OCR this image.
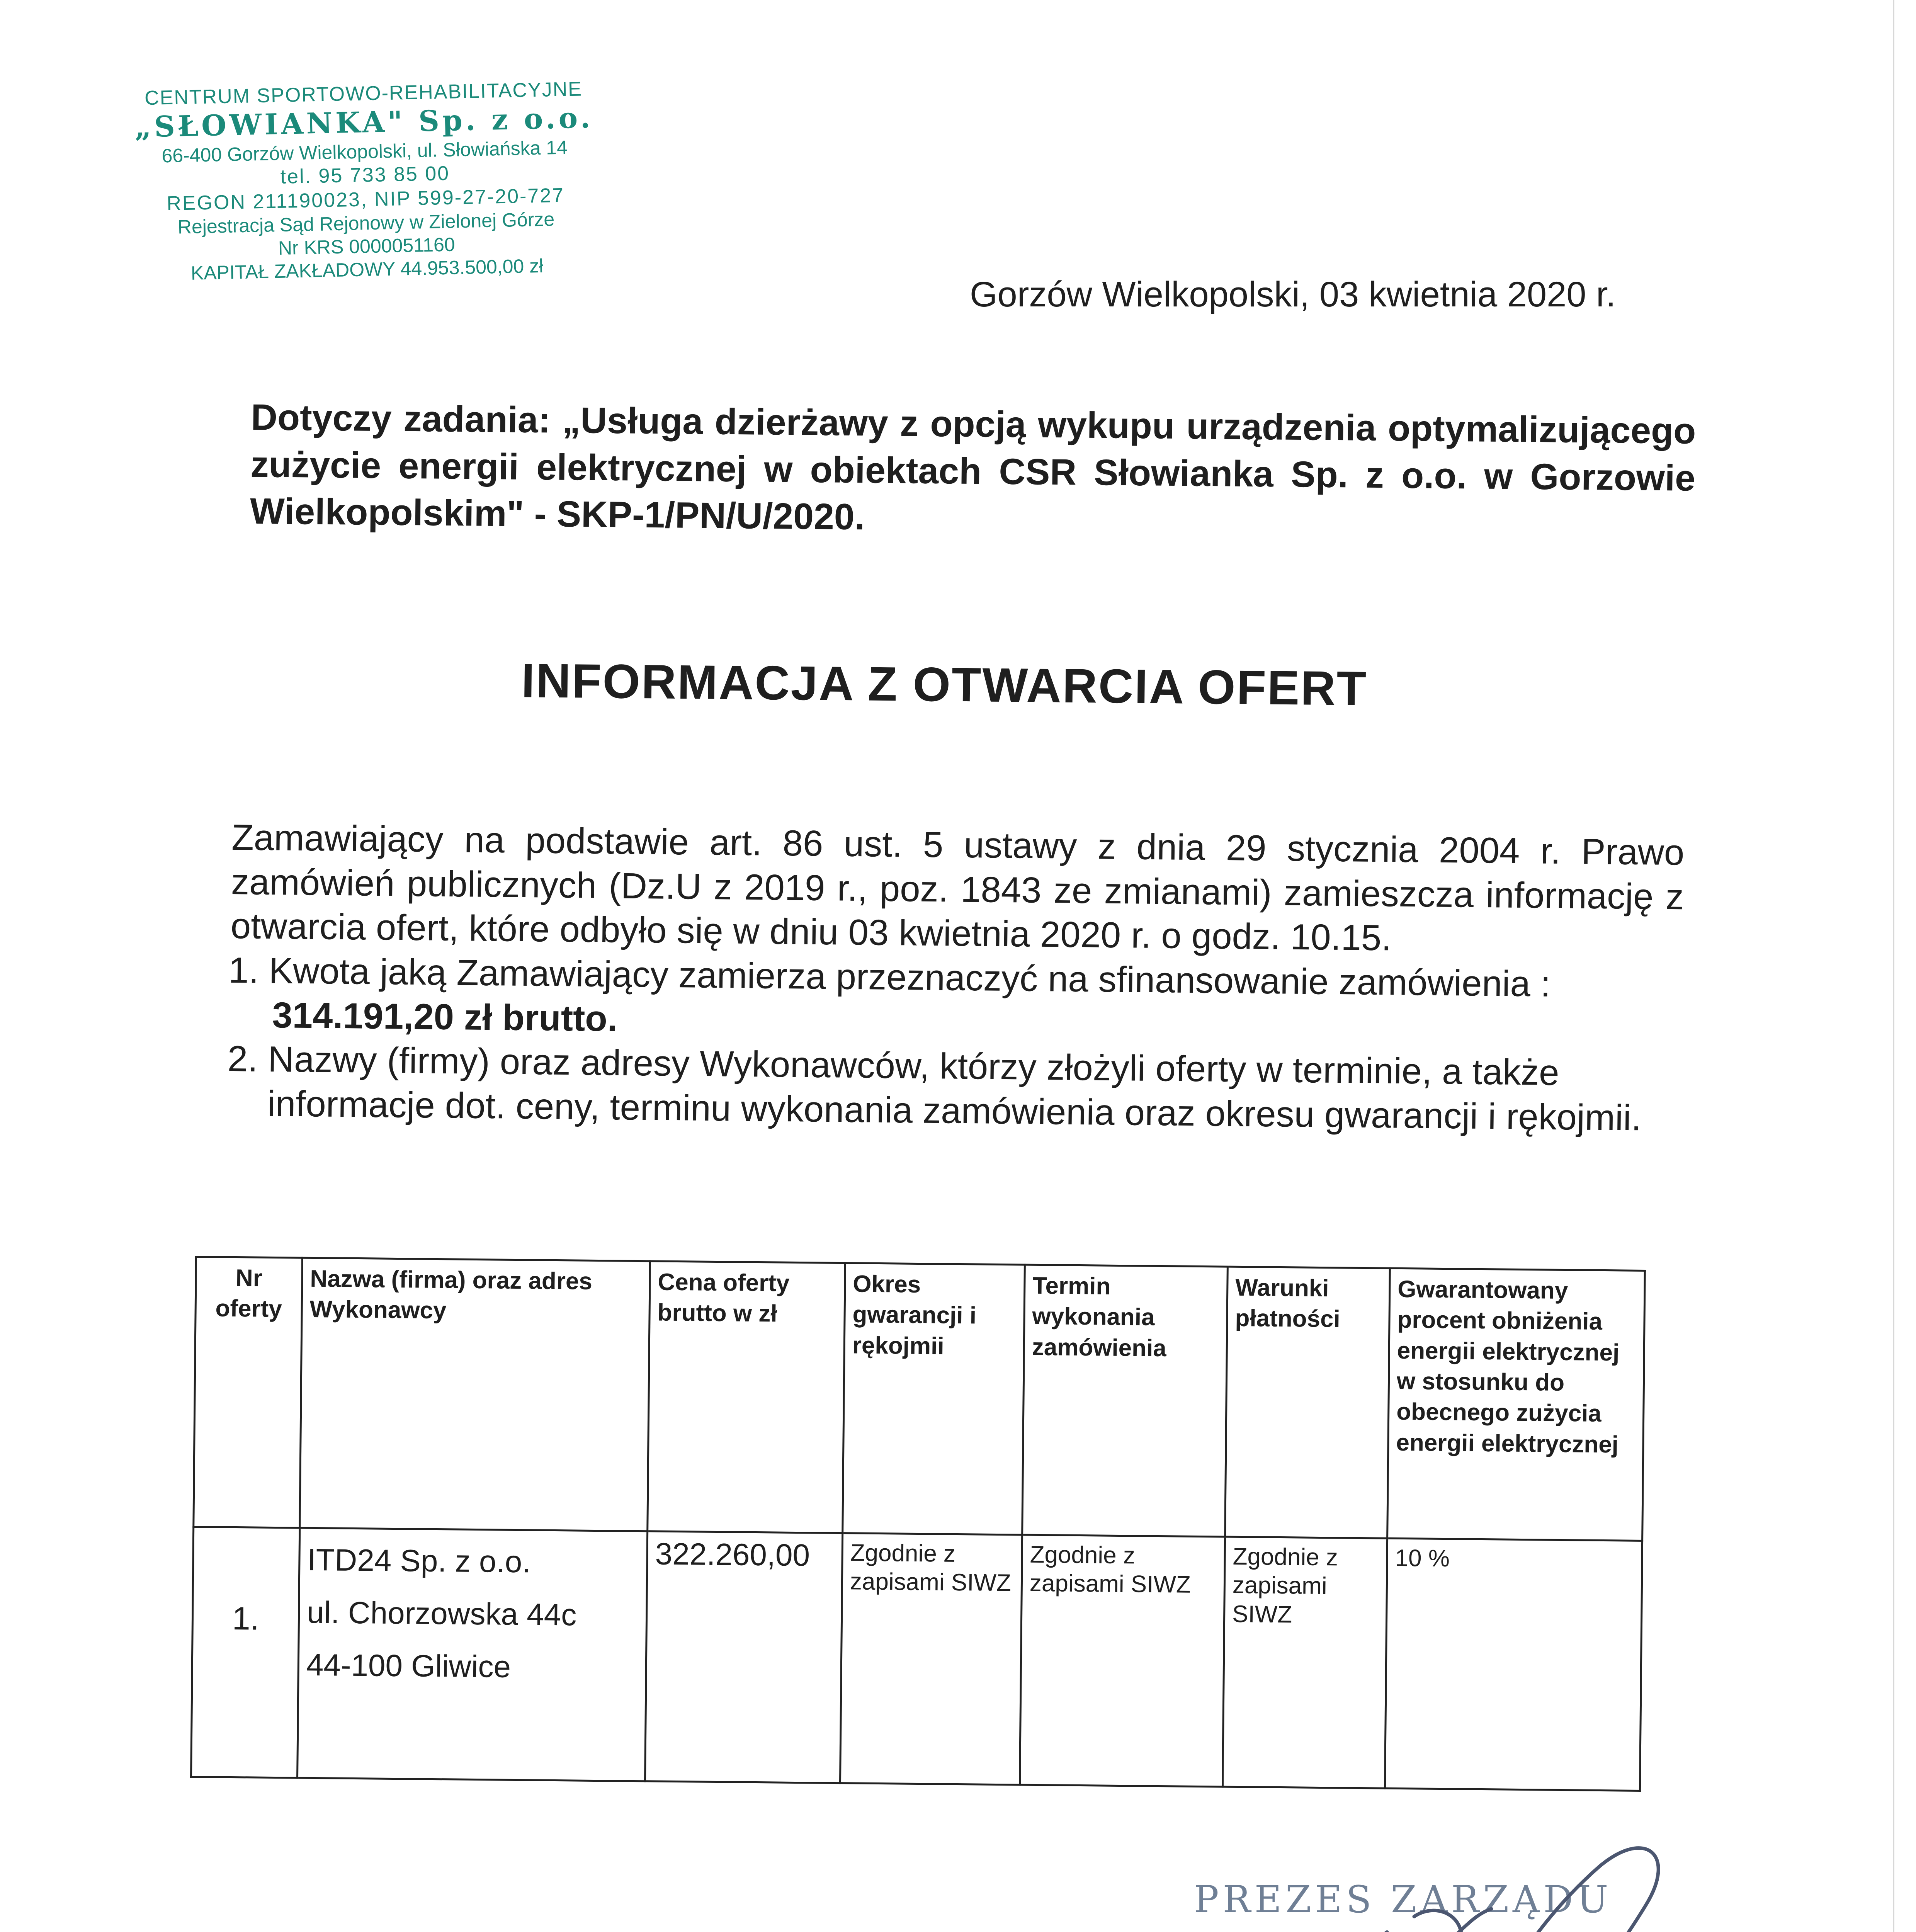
CENTRUM SPORTOWO-REHABILITACYJNE
„SŁOWIANKA" Sp. z o.o.
66-400 Gorzów Wielkopolski, ul. Słowiańska 14
tel. 95 733 85 00
REGON 211190023, NIP 599-27-20-727
Rejestracja Sąd Rejonowy w Zielonej Górze
Nr KRS 0000051160
KAPITAŁ ZAKŁADOWY 44.953.500,00 zł
Gorzów Wielkopolski, 03 kwietnia 2020 r.
Dotyczy zadania: „Usługa dzierżawy z opcją wykupu urządzenia optymalizującego zużycie energii elektrycznej w obiektach CSR Słowianka Sp. z o.o. w Gorzowie Wielkopolskim" - SKP-1/PN/U/2020.
INFORMACJA Z OTWARCIA OFERT

Zamawiający na podstawie art. 86 ust. 5 ustawy z dnia 29 stycznia 2004 r. Prawo zamówień publicznych (Dz.U z 2019 r., poz. 1843 ze zmianami) zamieszcza informację z otwarcia ofert, które odbyło się w dniu 03 kwietnia 2020 r. o godz. 10.15.

1. Kwota jaką Zamawiający zamierza przeznaczyć na sfinansowanie zamówienia :
314.191,20 zł brutto.
2. Nazwy (firmy) oraz adresy Wykonawców, którzy złożyli oferty w terminie, a także informacje dot. ceny, terminu wykonania zamówienia oraz okresu gwarancji i rękojmii.
Nr oferty	Nazwa (firma) oraz adres Wykonawcy	Cena oferty brutto w zł	Okres gwarancji i rękojmii	Termin wykonania zamówienia	Warunki płatności	Gwarantowany procent obniżenia energii elektrycznej w stosunku do obecnego zużycia energii elektrycznej
1.	ITD24 Sp. z o.o.
ul. Chorzowska 44c
44-100 Gliwice	322.260,00	Zgodnie z zapisami SIWZ	Zgodnie z zapisami SIWZ	Zgodnie z zapisami SIWZ	10 %
PREZES ZARZĄDU
